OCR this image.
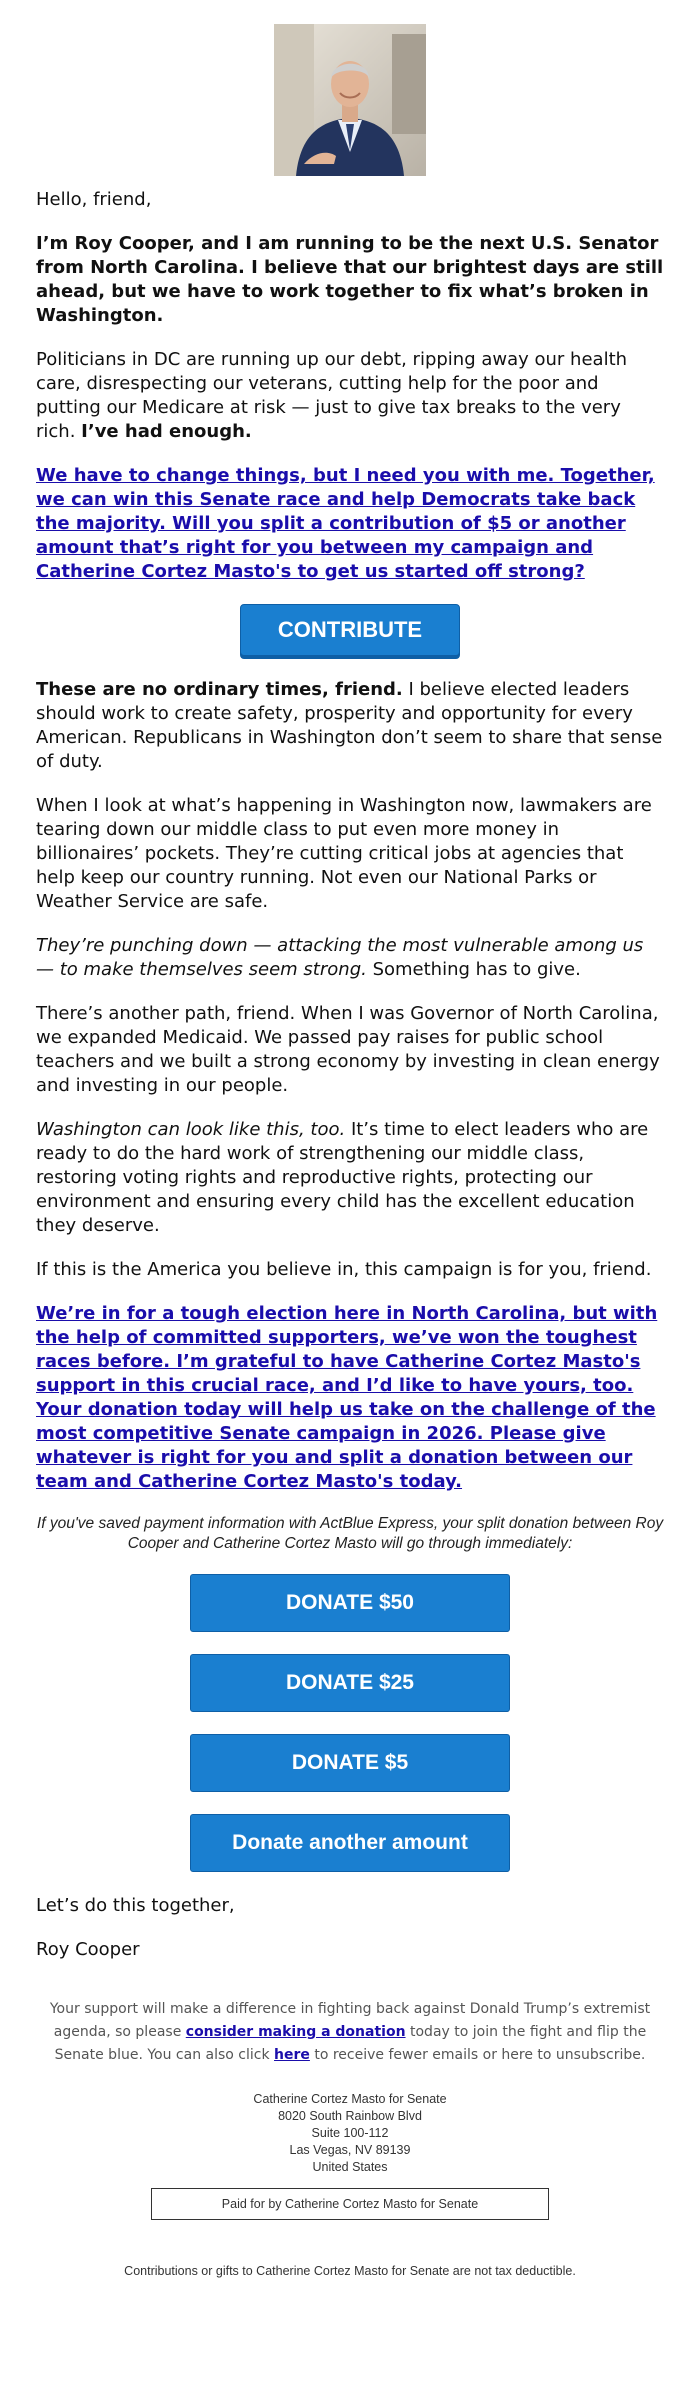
Hello, friend,

I’m Roy Cooper, and I am running to be the next U.S. Senator from North Carolina. I believe that our brightest days are still ahead, but we have to work together to fix what’s broken in Washington.

Politicians in DC are running up our debt, ripping away our health care, disrespecting our veterans, cutting help for the poor and putting our Medicare at risk — just to give tax breaks to the very rich. I’ve had enough.

We have to change things, but I need you with me. Together, we can win this Senate race and help Democrats take back the majority. Will you split a contribution of $5 or another amount that’s right for you between my campaign and Catherine Cortez Masto's to get us started off strong?

CONTRIBUTE

These are no ordinary times, friend. I believe elected leaders should work to create safety, prosperity and opportunity for every American. Republicans in Washington don’t seem to share that sense of duty.

When I look at what’s happening in Washington now, lawmakers are tearing down our middle class to put even more money in billionaires’ pockets. They’re cutting critical jobs at agencies that help keep our country running. Not even our National Parks or Weather Service are safe.

They’re punching down — attacking the most vulnerable among us — to make themselves seem strong. Something has to give.

There’s another path, friend. When I was Governor of North Carolina, we expanded Medicaid. We passed pay raises for public school teachers and we built a strong economy by investing in clean energy and investing in our people.

Washington can look like this, too. It’s time to elect leaders who are ready to do the hard work of strengthening our middle class, restoring voting rights and reproductive rights, protecting our environment and ensuring every child has the excellent education they deserve.

If this is the America you believe in, this campaign is for you, friend.

We’re in for a tough election here in North Carolina, but with the help of committed supporters, we’ve won the toughest races before. I’m grateful to have Catherine Cortez Masto's support in this crucial race, and I’d like to have yours, too. Your donation today will help us take on the challenge of the most competitive Senate campaign in 2026. Please give whatever is right for you and split a donation between our team and Catherine Cortez Masto's today.

If you've saved payment information with ActBlue Express, your split donation between Roy Cooper and Catherine Cortez Masto will go through immediately:

DONATE $50
DONATE $25
DONATE $5
Donate another amount

Let’s do this together,

Roy Cooper

Your support will make a difference in fighting back against Donald Trump’s extremist agenda, so please consider making a donation today to join the fight and flip the Senate blue. You can also click here to receive fewer emails or here to unsubscribe.
Catherine Cortez Masto for Senate
8020 South Rainbow Blvd
Suite 100-112
Las Vegas, NV 89139
United States
Paid for by Catherine Cortez Masto for Senate

Contributions or gifts to Catherine Cortez Masto for Senate are not tax deductible.
